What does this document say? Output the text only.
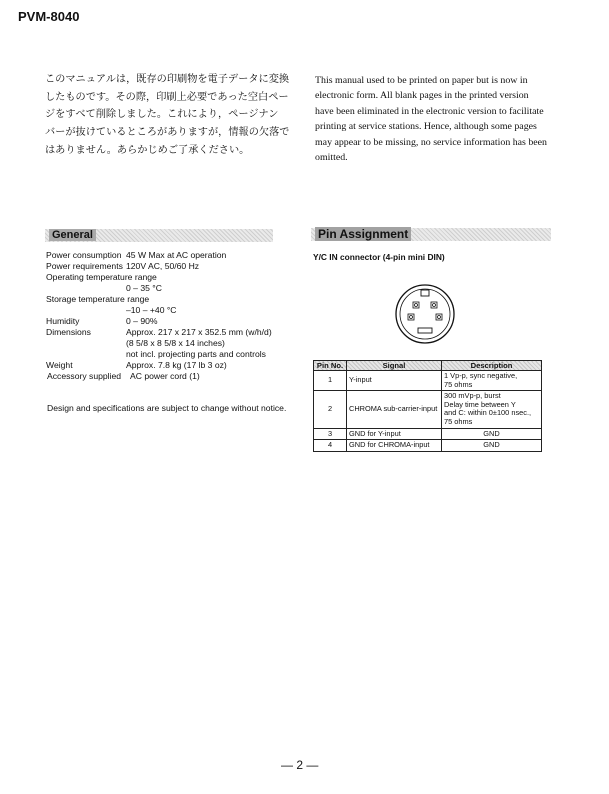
PVM-8040
このマニュアルは，既存の印刷物を電子データに変換
したものです。その際，印刷上必要であった空白ペー
ジをすべて削除しました。これにより，ページナン
バーが抜けているところがありますが，情報の欠落で
はありません。あらかじめご了承ください。
This manual used to be printed on paper but is now in
electronic form. All blank pages in the printed version
have been eliminated in the electronic version to facilitate
printing at service stations. Hence, although some pages
may appear to be missing, no service information has been
omitted.
General
Power consumption 45 W Max at AC operation
Power requirements 120V AC, 50/60 Hz
Operating temperature range
0 – 35 °C
Storage temperature range
–10 – +40 °C
Humidity	0 – 90%
Dimensions	Approx. 217 x 217 x 352.5 mm (w/h/d)
(8 5/8 x 8 5/8 x 14 inches)
not incl. projecting parts and controls
Weight	Approx. 7.8 kg (17 lb 3 oz)
Accessory supplied AC power cord (1)
Design and specifications are subject to change without notice.
Pin Assignment
Y/C IN connector (4-pin mini DIN)
Pin No.	Signal	Description
1	Y-input	1 Vp-p, sync negative,
75 ohms

2	CHROMA sub-carrier-input	300 mVp-p, burst
Delay time between Y
and C: within 0±100 nsec.,
75 ohms

3	GND for Y-input	GND
4	GND for CHROMA-input	GND
— 2 —
